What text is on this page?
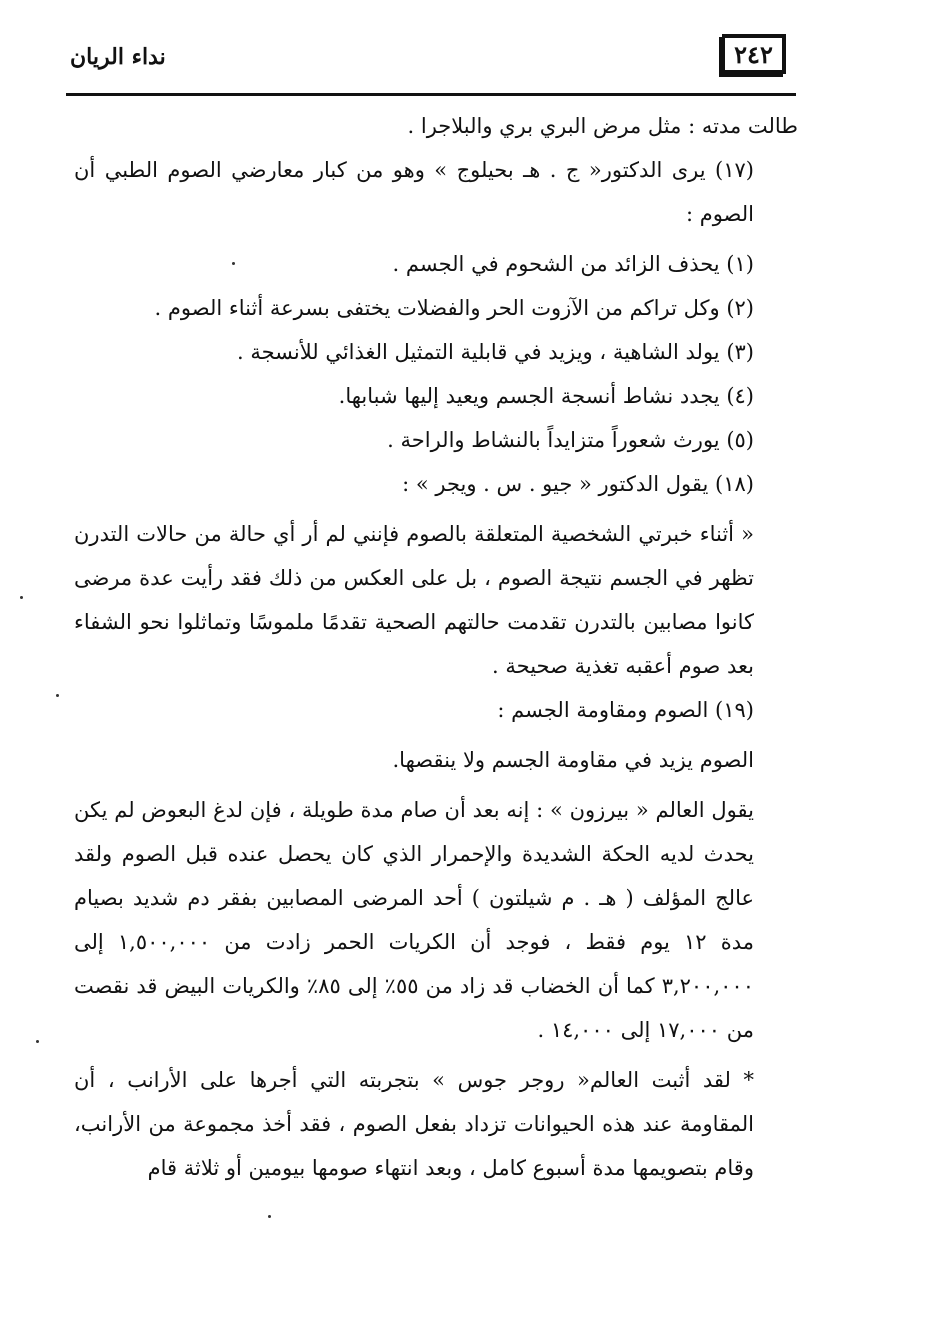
٢٤٢
نداء الريان

طالت مدته : مثل مرض البري بري والبلاجرا .

(١٧) يرى الدكتور« ج . هـ بحيلوج » وهو من كبار معارضي الصوم الطبي أن الصوم :

(١) يحذف الزائد من الشحوم في الجسم .

(٢) وكل تراكم من الآزوت الحر والفضلات يختفى بسرعة أثناء الصوم .

(٣) يولد الشاهية ، ويزيد في قابلية التمثيل الغذائي للأنسجة .

(٤) يجدد نشاط أنسجة الجسم ويعيد إليها شبابها.

(٥) يورث شعوراً متزايداً بالنشاط والراحة .

(١٨) يقول الدكتور « جيو . س . ويجر » :

« أثناء خبرتي الشخصية المتعلقة بالصوم فإنني لم أر أي حالة من حالات التدرن تظهر في الجسم نتيجة الصوم ، بل على العكس من ذلك فقد رأيت عدة مرضى كانوا مصابين بالتدرن تقدمت حالتهم الصحية تقدمًا ملموسًا وتماثلوا نحو الشفاء بعد صوم أعقبه تغذية صحيحة .

(١٩) الصوم ومقاومة الجسم :

الصوم يزيد في مقاومة الجسم ولا ينقصها.

يقول العالم « بيرزون » : إنه بعد أن صام مدة طويلة ، فإن لدغ البعوض لم يكن يحدث لديه الحكة الشديدة والإحمرار الذي كان يحصل عنده قبل الصوم ولقد عالج المؤلف ( هـ . م شيلتون ) أحد المرضى المصابين بفقر دم شديد بصيام مدة ١٢ يوم فقط ، فوجد أن الكريات الحمر زادت من ١,٥٠٠,٠٠٠ إلى ٣,٢٠٠,٠٠٠ كما أن الخضاب قد زاد من ٥٥٪ إلى ٨٥٪ والكريات البيض قد نقصت من ١٧,٠٠٠ إلى ١٤,٠٠٠ .

* لقد أثبت العالم« روجر جوس » بتجربته التي أجرها على الأرانب ، أن المقاومة عند هذه الحيوانات تزداد بفعل الصوم ، فقد أخذ مجموعة من الأرانب، وقام بتصويمها مدة أسبوع كامل ، وبعد انتهاء صومها بيومين أو ثلاثة قام
